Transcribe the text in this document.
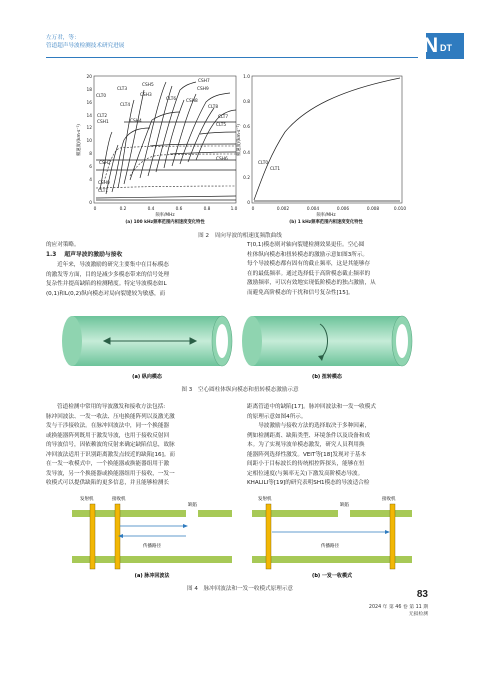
左万君，等：
管道超声导波检测技术研究进展	N DT
CLT3
CSH5
CSH7
CLT0	CSH3
CLT6
CSH9
CLT4
CSH8
CLT8
CLT2
CSH1	CSH4
CLT7
CLT5
CSH2
CLT1
CSH0
CSH6
CLT0
CLT1
0
4
6
8
10
12
14
16
18
20
0
0.2
0.4
0.6
0.8
1.0
0	0.2	0.4	0.6	0.8	1.0	0	0.002	0.004	0.006	0.008	0.010
频率/MHz	频率/MHz
(a) 100 kHz频率范围内相速度变化特性	(b) 1 kHz频率范围内相速度变化特性
相速度/(km·s⁻¹)	相速度/(km·s⁻¹)
图 2　周向导波的相速度频散曲线
的应对策略。
1.3 超声导波的激励与接收
近年来，导波激励的研究主要集中在目标模态
的激发等方面，目的是减少多模态带来的信号处理
复杂性并提高缺陷的检测精度。特定导波模态如L
(0,1)和L(0,2)纵向模态对局向裂缝较为敏感，而
T(0,1)模态则对轴向裂缝检测效果更佳。空心圆
柱体纵向模态和扭转模态的激励示意如图3所示。
每个导波模态都有固有的截止频率，这是其能够存
在的最低频率。通过选择低于高阶模态截止频率的
激励频率，可以有效地实现低阶模态的独占激励，从
而避免高阶模态的干扰和信号复杂性[15]。
(a) 纵向模态	(b) 扭转模态
图 3　空心圆柱体纵向模态和扭转模态激励示意
管道检测中常用的导波激发和接收方法包括:
脉冲回波法、一发一收法、压电换能阵列以及激光激
发与干涉接收法。在脉冲回波法中，同一个换能器
或换能器阵列既用于激发导波，也用于接收反射回
的导波信号，因依赖波的反射来确定缺陷信息，故脉
冲回波法适用于识别距离激发点较近的缺陷[16]。而
在一发一收模式中，一个换能器或换能器组用于激
发导波，另一个换能器或换能器组用于接收，一发一
收模式可以提供缺陷的更多信息，并且能够检测长
距离管道中的缺陷[17]。脉冲回波法和一发一收模式
的原理示意如图4所示。
　　导波激励与接收方法的选择取决于多种因素，
例如检测距离、缺陷类型、环境条件以及设备和成
本。为了实现导波单模态激发，研究人员利用换
能器阵列选择性激发。VEIT等[18]发现对于基本
间距小于目标波长的传统相控阵探头，能够在恒
定相位速度(与频率无关)下激发高阶模态导波。
KHALILI等[19]的研究表明SH1模态的导波适合检
发射机	接收机
缺陷
传播路径
(a) 脉冲回波法
发射机	接收机
缺陷
传播路径
(b) 一发一收模式
图 4　脉冲回波法和一发一收模式原理示意	83
2024 年 第 46 卷 第 11 期
无损检测
